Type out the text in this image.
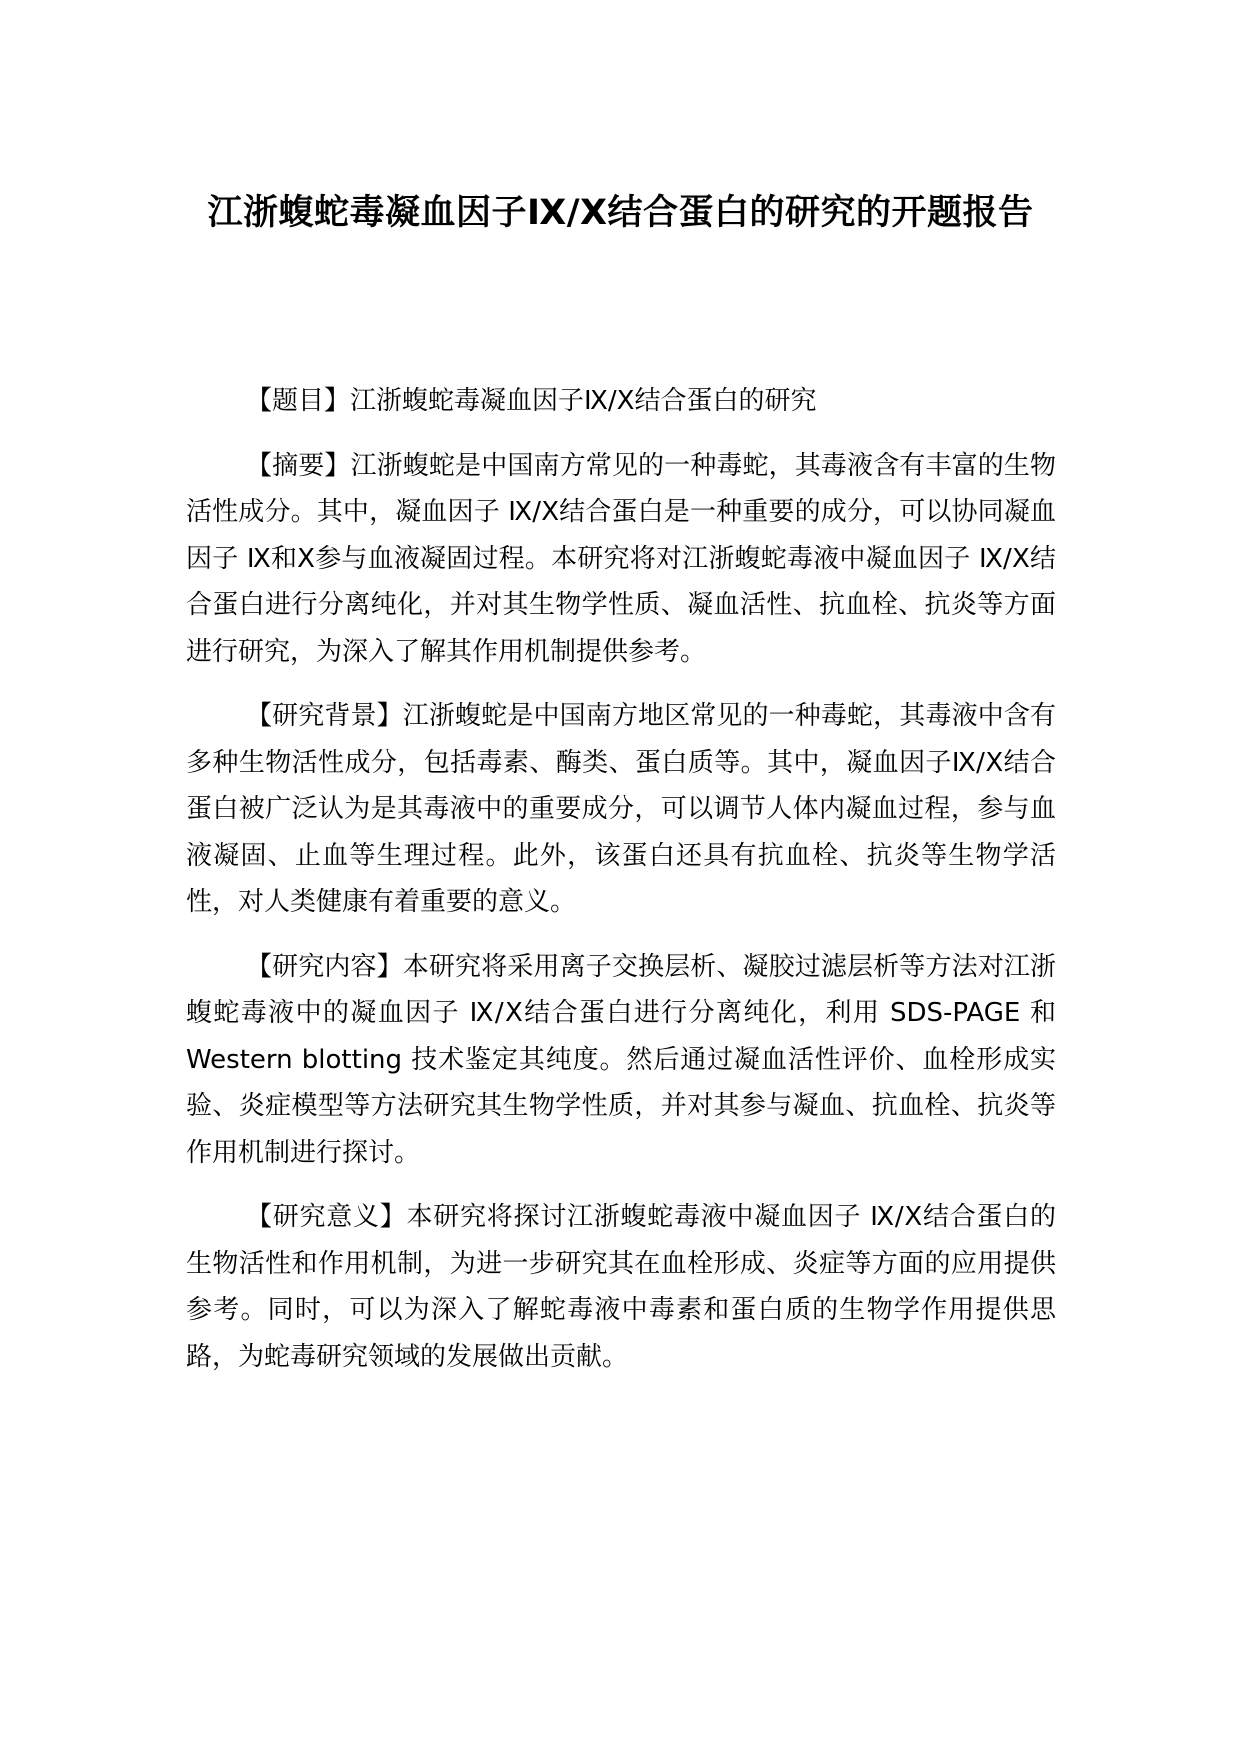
江浙蝮蛇毒凝血因子Ⅸ/Ⅹ结合蛋白的研究的开题报告

【题目】江浙蝮蛇毒凝血因子Ⅸ/Ⅹ结合蛋白的研究

【摘要】江浙蝮蛇是中国南方常见的一种毒蛇，其毒液含有丰富的生物活性成分。其中，凝血因子 Ⅸ/Ⅹ结合蛋白是一种重要的成分，可以协同凝血因子 Ⅸ和Ⅹ参与血液凝固过程。本研究将对江浙蝮蛇毒液中凝血因子 Ⅸ/Ⅹ结合蛋白进行分离纯化，并对其生物学性质、凝血活性、抗血栓、抗炎等方面进行研究，为深入了解其作用机制提供参考。

【研究背景】江浙蝮蛇是中国南方地区常见的一种毒蛇，其毒液中含有多种生物活性成分，包括毒素、酶类、蛋白质等。其中，凝血因子Ⅸ/Ⅹ结合蛋白被广泛认为是其毒液中的重要成分，可以调节人体内凝血过程，参与血液凝固、止血等生理过程。此外，该蛋白还具有抗血栓、抗炎等生物学活性，对人类健康有着重要的意义。

【研究内容】本研究将采用离子交换层析、凝胶过滤层析等方法对江浙蝮蛇毒液中的凝血因子 Ⅸ/Ⅹ结合蛋白进行分离纯化，利用 SDS-PAGE 和 Western blotting 技术鉴定其纯度。然后通过凝血活性评价、血栓形成实验、炎症模型等方法研究其生物学性质，并对其参与凝血、抗血栓、抗炎等作用机制进行探讨。

【研究意义】本研究将探讨江浙蝮蛇毒液中凝血因子 Ⅸ/Ⅹ结合蛋白的生物活性和作用机制，为进一步研究其在血栓形成、炎症等方面的应用提供参考。同时，可以为深入了解蛇毒液中毒素和蛋白质的生物学作用提供思路，为蛇毒研究领域的发展做出贡献。
